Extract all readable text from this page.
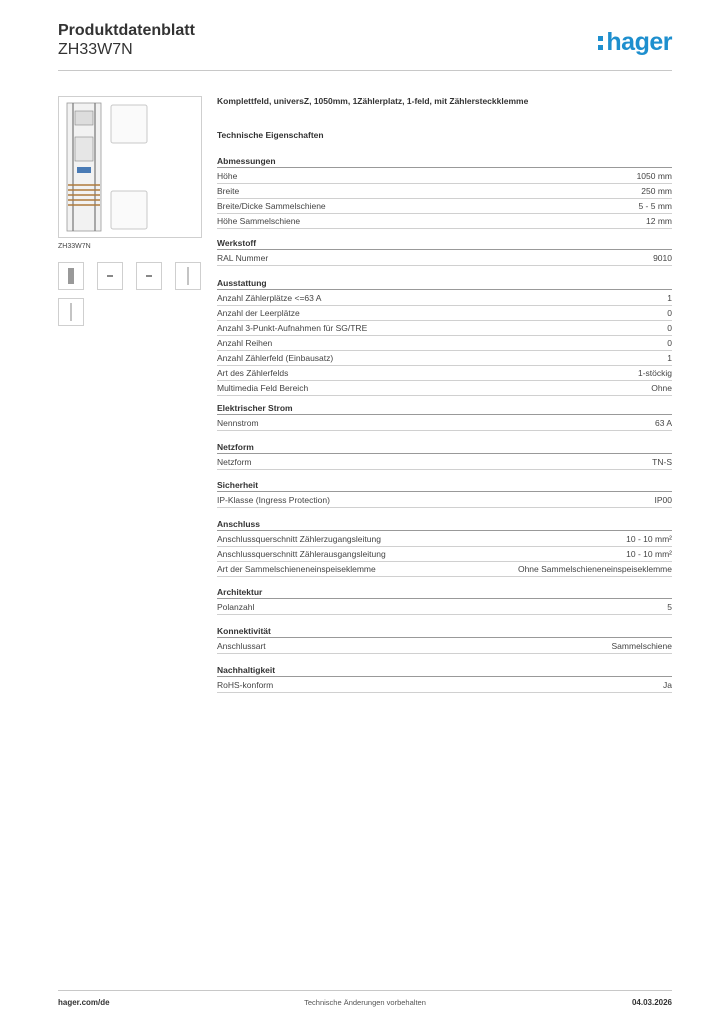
Produktdatenblatt
ZH33W7N	hager
ZH33W7N
Komplettfeld, universZ, 1050mm, 1Zählerplatz, 1-feld, mit Zählersteckklemme
Technische Eigenschaften
Abmessungen
Höhe	1050 mm
Breite	250 mm
Breite/Dicke Sammelschiene	5 - 5 mm
Höhe Sammelschiene	12 mm
Werkstoff
RAL Nummer	9010
Ausstattung
Anzahl Zählerplätze <=63 A	1
Anzahl der Leerplätze	0
Anzahl 3-Punkt-Aufnahmen für SG/TRE	0
Anzahl Reihen	0
Anzahl Zählerfeld (Einbausatz)	1
Art des Zählerfelds	1-stöckig
Multimedia Feld Bereich	Ohne
Elektrischer Strom
Nennstrom	63 A
Netzform
Netzform	TN-S
Sicherheit
IP-Klasse (Ingress Protection)	IP00
Anschluss
Anschlussquerschnitt Zählerzugangsleitung	10 - 10 mm²
Anschlussquerschnitt Zählerausgangsleitung	10 - 10 mm²
Art der Sammelschieneneinspeiseklemme	Ohne Sammelschieneneinspeiseklemme
Architektur
Polanzahl	5
Konnektivität
Anschlussart	Sammelschiene
Nachhaltigkeit
RoHS-konform	Ja
hager.com/de	Technische Änderungen vorbehalten	04.03.2026
